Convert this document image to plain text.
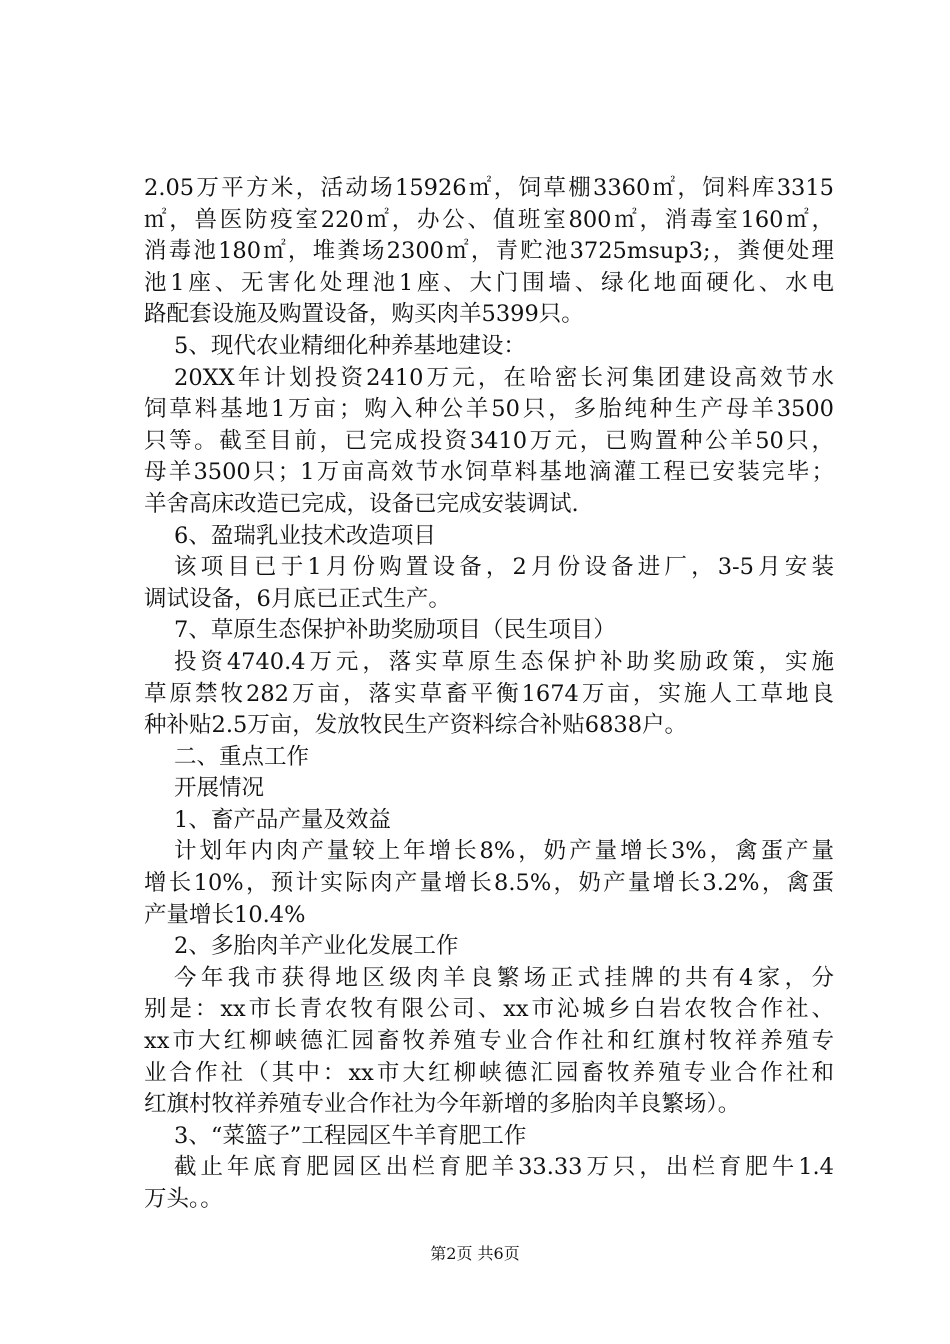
2.05万平方米，活动场15926㎡，饲草棚3360㎡，饲料库3315
㎡，兽医防疫室220㎡，办公、值班室800㎡，消毒室160㎡，
消毒池180㎡，堆粪场2300㎡，青贮池3725msup3;，粪便处理
池1座、无害化处理池1座、大门围墙、绿化地面硬化、水电
路配套设施及购置设备，购买肉羊5399只。
5、现代农业精细化种养基地建设：
20XX年计划投资2410万元，在哈密长河集团建设高效节水
饲草料基地1万亩；购入种公羊50只，多胎纯种生产母羊3500
只等。截至目前，已完成投资3410万元，已购置种公羊50只，
母羊3500只；1万亩高效节水饲草料基地滴灌工程已安装完毕；
羊舍高床改造已完成，设备已完成安装调试.
6、盈瑞乳业技术改造项目
该项目已于1月份购置设备，2月份设备进厂，3-5月安装
调试设备，6月底已正式生产。
7、草原生态保护补助奖励项目（民生项目）
投资4740.4万元，落实草原生态保护补助奖励政策，实施
草原禁牧282万亩，落实草畜平衡1674万亩，实施人工草地良
种补贴2.5万亩，发放牧民生产资料综合补贴6838户。
二、重点工作
开展情况
1、畜产品产量及效益
计划年内肉产量较上年增长8%，奶产量增长3%，禽蛋产量
增长10%，预计实际肉产量增长8.5%，奶产量增长3.2%，禽蛋
产量增长10.4%
2、多胎肉羊产业化发展工作
今年我市获得地区级肉羊良繁场正式挂牌的共有4家，分
别是：xx市长青农牧有限公司、xx市沁城乡白岩农牧合作社、
xx市大红柳峡德汇园畜牧养殖专业合作社和红旗村牧祥养殖专
业合作社（其中：xx市大红柳峡德汇园畜牧养殖专业合作社和
红旗村牧祥养殖专业合作社为今年新增的多胎肉羊良繁场）。
3、“菜篮子”工程园区牛羊育肥工作
截止年底育肥园区出栏育肥羊33.33万只，出栏育肥牛1.4
万头。。
第2页 共6页
